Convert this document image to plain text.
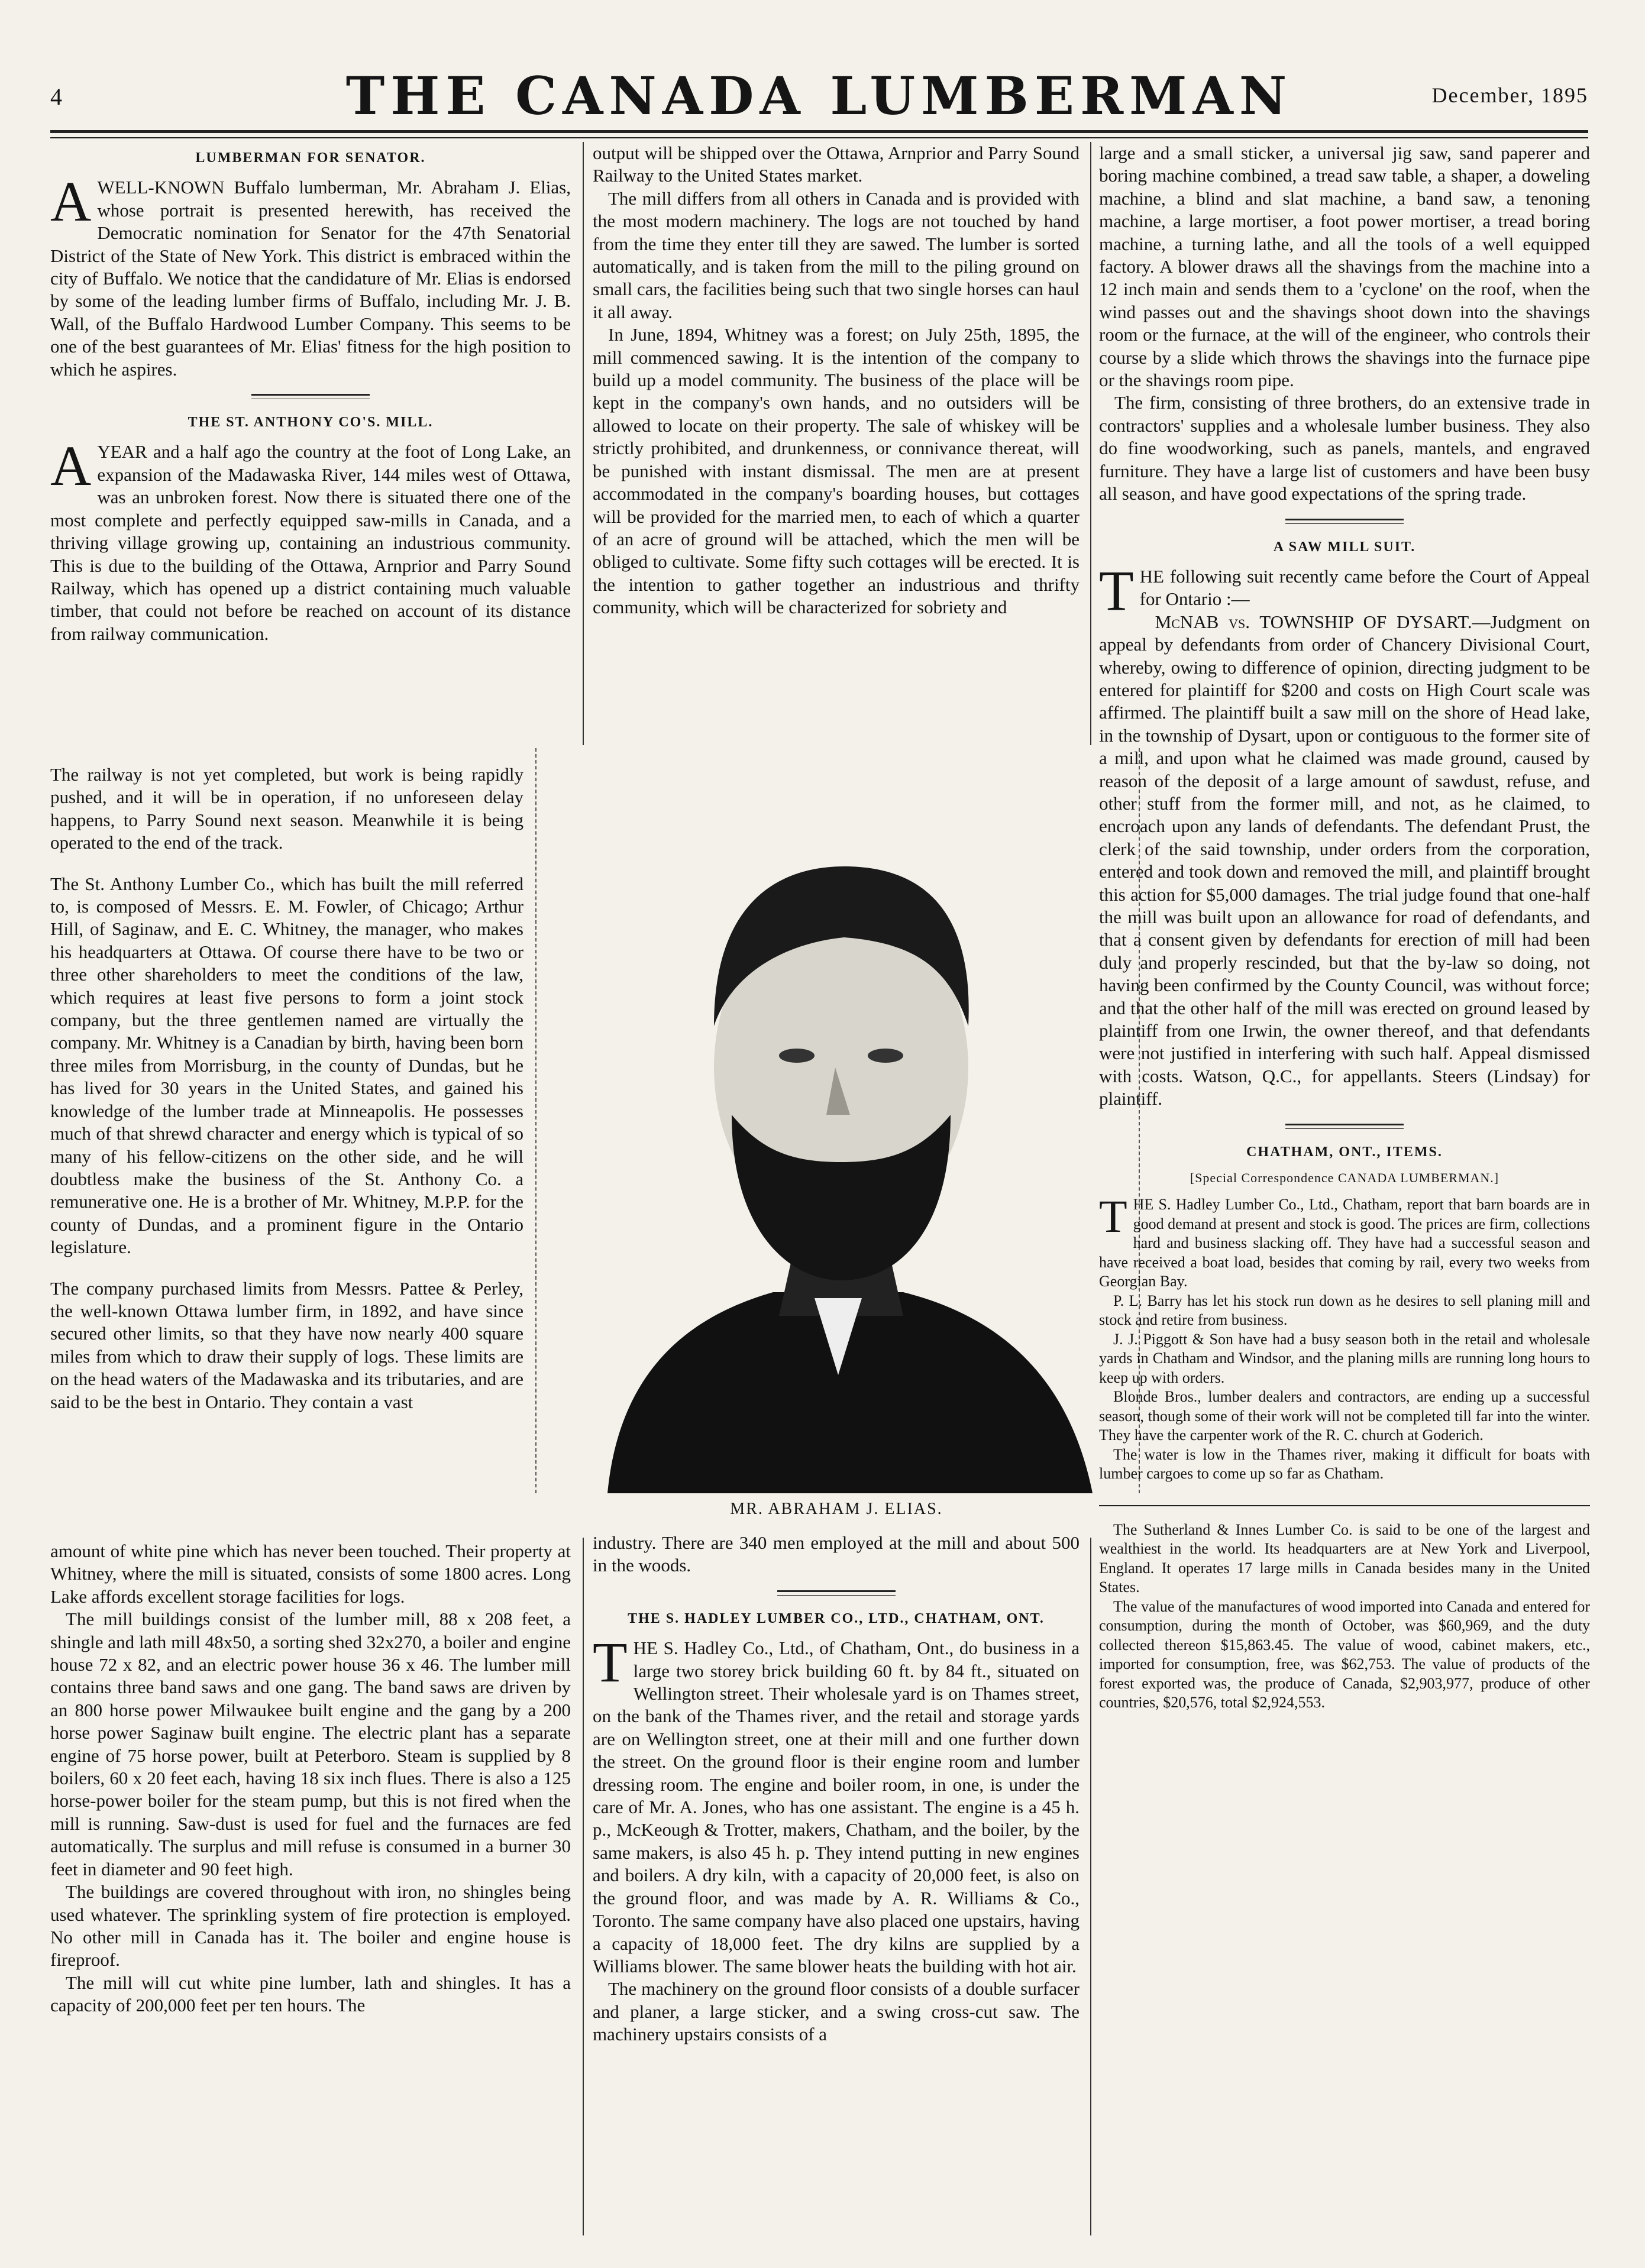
4	THE CANADA LUMBERMAN	December, 1895
LUMBERMAN FOR SENATOR.

AWELL-KNOWN Buffalo lumberman, Mr. Abraham J. Elias, whose portrait is presented herewith, has received the Democratic nomination for Senator for the 47th Senatorial District of the State of New York. This district is embraced within the city of Buffalo. We notice that the candidature of Mr. Elias is endorsed by some of the leading lumber firms of Buffalo, including Mr. J. B. Wall, of the Buffalo Hardwood Lumber Company. This seems to be one of the best guarantees of Mr. Elias' fitness for the high position to which he aspires.

THE ST. ANTHONY CO'S. MILL.

AYEAR and a half ago the country at the foot of Long Lake, an expansion of the Madawaska River, 144 miles west of Ottawa, was an unbroken forest. Now there is situated there one of the most complete and perfectly equipped saw-mills in Canada, and a thriving village growing up, containing an industrious community. This is due to the building of the Ottawa, Arnprior and Parry Sound Railway, which has opened up a district containing much valuable timber, that could not before be reached on account of its distance from railway communication.

The railway is not yet completed, but work is being rapidly pushed, and it will be in operation, if no unforeseen delay happens, to Parry Sound next season. Meanwhile it is being operated to the end of the track.

The St. Anthony Lumber Co., which has built the mill referred to, is composed of Messrs. E. M. Fowler, of Chicago; Arthur Hill, of Saginaw, and E. C. Whitney, the manager, who makes his headquarters at Ottawa. Of course there have to be two or three other shareholders to meet the conditions of the law, which requires at least five persons to form a joint stock company, but the three gentlemen named are virtually the company. Mr. Whitney is a Canadian by birth, having been born three miles from Morrisburg, in the county of Dundas, but he has lived for 30 years in the United States, and gained his knowledge of the lumber trade at Minneapolis. He possesses much of that shrewd character and energy which is typical of so many of his fellow-citizens on the other side, and he will doubtless make the business of the St. Anthony Co. a remunerative one. He is a brother of Mr. Whitney, M.P.P. for the county of Dundas, and a prominent figure in the Ontario legislature.

The company purchased limits from Messrs. Pattee & Perley, the well-known Ottawa lumber firm, in 1892, and have since secured other limits, so that they have now nearly 400 square miles from which to draw their supply of logs. These limits are on the head waters of the Madawaska and its tributaries, and are said to be the best in Ontario. They contain a vast

amount of white pine which has never been touched. Their property at Whitney, where the mill is situated, consists of some 1800 acres. Long Lake affords excellent storage facilities for logs.

The mill buildings consist of the lumber mill, 88 x 208 feet, a shingle and lath mill 48x50, a sorting shed 32x270, a boiler and engine house 72 x 82, and an electric power house 36 x 46. The lumber mill contains three band saws and one gang. The band saws are driven by an 800 horse power Milwaukee built engine and the gang by a 200 horse power Saginaw built engine. The electric plant has a separate engine of 75 horse power, built at Peterboro. Steam is supplied by 8 boilers, 60 x 20 feet each, having 18 six inch flues. There is also a 125 horse-power boiler for the steam pump, but this is not fired when the mill is running. Saw-dust is used for fuel and the furnaces are fed automatically. The surplus and mill refuse is consumed in a burner 30 feet in diameter and 90 feet high.

The buildings are covered throughout with iron, no shingles being used whatever. The sprinkling system of fire protection is employed. No other mill in Canada has it. The boiler and engine house is fireproof.

The mill will cut white pine lumber, lath and shingles. It has a capacity of 200,000 feet per ten hours. The

output will be shipped over the Ottawa, Arnprior and Parry Sound Railway to the United States market.

The mill differs from all others in Canada and is provided with the most modern machinery. The logs are not touched by hand from the time they enter till they are sawed. The lumber is sorted automatically, and is taken from the mill to the piling ground on small cars, the facilities being such that two single horses can haul it all away.

In June, 1894, Whitney was a forest; on July 25th, 1895, the mill commenced sawing. It is the intention of the company to build up a model community. The business of the place will be kept in the company's own hands, and no outsiders will be allowed to locate on their property. The sale of whiskey will be strictly prohibited, and drunkenness, or connivance thereat, will be punished with instant dismissal. The men are at present accommodated in the company's boarding houses, but cottages will be provided for the married men, to each of which a quarter of an acre of ground will be attached, which the men will be obliged to cultivate. Some fifty such cottages will be erected. It is the intention to gather together an industrious and thrifty community, which will be characterized for sobriety and

MR. ABRAHAM J. ELIAS.

industry. There are 340 men employed at the mill and about 500 in the woods.

THE S. HADLEY LUMBER CO., LTD., CHATHAM, ONT.

THE S. Hadley Co., Ltd., of Chatham, Ont., do business in a large two storey brick building 60 ft. by 84 ft., situated on Wellington street. Their wholesale yard is on Thames street, on the bank of the Thames river, and the retail and storage yards are on Wellington street, one at their mill and one further down the street. On the ground floor is their engine room and lumber dressing room. The engine and boiler room, in one, is under the care of Mr. A. Jones, who has one assistant. The engine is a 45 h. p., McKeough & Trotter, makers, Chatham, and the boiler, by the same makers, is also 45 h. p. They intend putting in new engines and boilers. A dry kiln, with a capacity of 20,000 feet, is also on the ground floor, and was made by A. R. Williams & Co., Toronto. The same company have also placed one upstairs, having a capacity of 18,000 feet. The dry kilns are supplied by a Williams blower. The same blower heats the building with hot air.

The machinery on the ground floor consists of a double surfacer and planer, a large sticker, and a swing cross-cut saw. The machinery upstairs consists of a

large and a small sticker, a universal jig saw, sand paperer and boring machine combined, a tread saw table, a shaper, a doweling machine, a blind and slat machine, a band saw, a tenoning machine, a large mortiser, a foot power mortiser, a tread boring machine, a turning lathe, and all the tools of a well equipped factory. A blower draws all the shavings from the machine into a 12 inch main and sends them to a 'cyclone' on the roof, when the wind passes out and the shavings shoot down into the shavings room or the furnace, at the will of the engineer, who controls their course by a slide which throws the shavings into the furnace pipe or the shavings room pipe.

The firm, consisting of three brothers, do an extensive trade in contractors' supplies and a wholesale lumber business. They also do fine woodworking, such as panels, mantels, and engraved furniture. They have a large list of customers and have been busy all season, and have good expectations of the spring trade.

A SAW MILL SUIT.

THE following suit recently came before the Court of Appeal for Ontario :—

McNAB vs. TOWNSHIP OF DYSART.—Judgment on appeal by defendants from order of Chancery Divisional Court, whereby, owing to difference of opinion, directing judgment to be entered for plaintiff for $200 and costs on High Court scale was affirmed. The plaintiff built a saw mill on the shore of Head lake, in the township of Dysart, upon or contiguous to the former site of a mill, and upon what he claimed was made ground, caused by reason of the deposit of a large amount of sawdust, refuse, and other stuff from the former mill, and not, as he claimed, to encroach upon any lands of defendants. The defendant Prust, the clerk of the said township, under orders from the corporation, entered and took down and removed the mill, and plaintiff brought this action for $5,000 damages. The trial judge found that one-half the mill was built upon an allowance for road of defendants, and that a consent given by defendants for erection of mill had been duly and properly rescinded, but that the by-law so doing, not having been confirmed by the County Council, was without force; and that the other half of the mill was erected on ground leased by plaintiff from one Irwin, the owner thereof, and that defendants were not justified in interfering with such half. Appeal dismissed with costs. Watson, Q.C., for appellants. Steers (Lindsay) for plaintiff.

CHATHAM, ONT., ITEMS.
[Special Correspondence CANADA LUMBERMAN.]

THE S. Hadley Lumber Co., Ltd., Chatham, report that barn boards are in good demand at present and stock is good. The prices are firm, collections hard and business slacking off. They have had a successful season and have received a boat load, besides that coming by rail, every two weeks from Georgian Bay.

P. L. Barry has let his stock run down as he desires to sell planing mill and stock and retire from business.

J. J. Piggott & Son have had a busy season both in the retail and wholesale yards in Chatham and Windsor, and the planing mills are running long hours to keep up with orders.

Blonde Bros., lumber dealers and contractors, are ending up a successful season, though some of their work will not be completed till far into the winter. They have the carpenter work of the R. C. church at Goderich.

The water is low in the Thames river, making it difficult for boats with lumber cargoes to come up so far as Chatham.

The Sutherland & Innes Lumber Co. is said to be one of the largest and wealthiest in the world. Its headquarters are at New York and Liverpool, England. It operates 17 large mills in Canada besides many in the United States.

The value of the manufactures of wood imported into Canada and entered for consumption, during the month of October, was $60,969, and the duty collected thereon $15,863.45. The value of wood, cabinet makers, etc., imported for consumption, free, was $62,753. The value of products of the forest exported was, the produce of Canada, $2,903,977, produce of other countries, $20,576, total $2,924,553.
